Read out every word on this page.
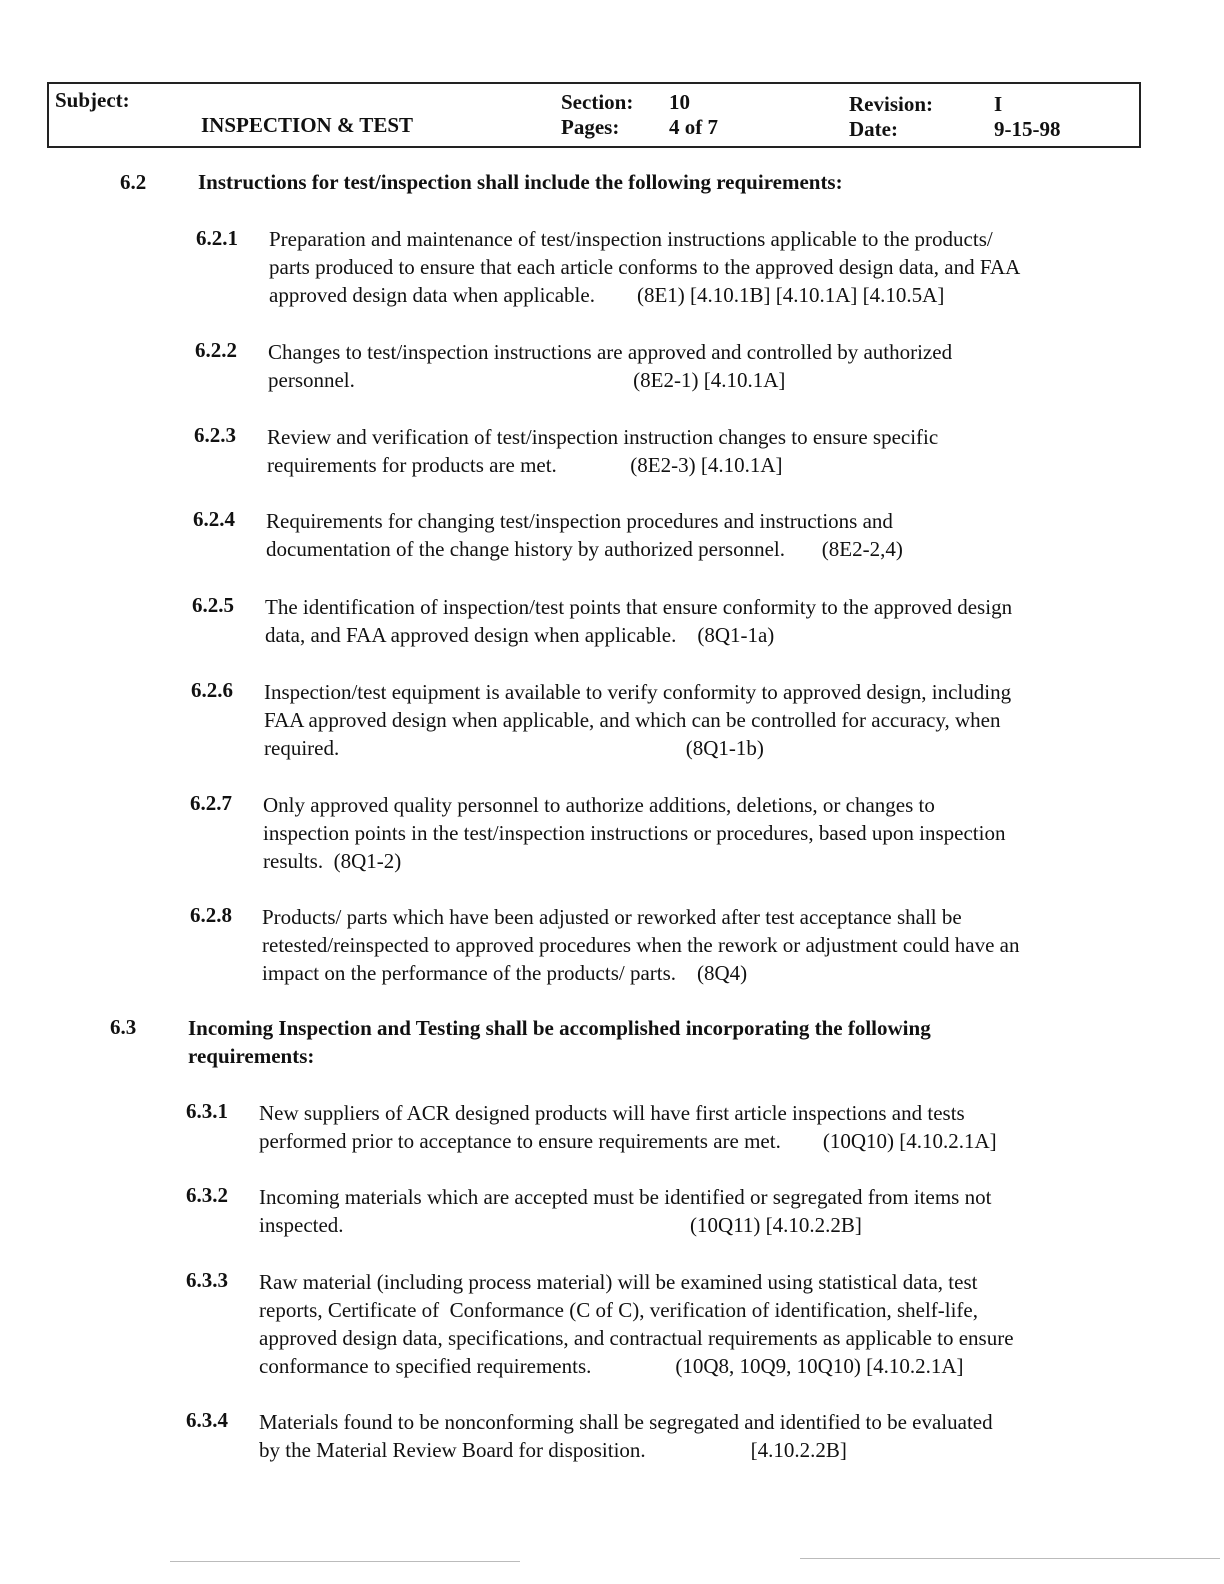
Subject:
INSPECTION & TEST
Section: 10
Pages: 4 of 7
Revision:	I
Date:	9-15-98
6.2 Instructions for test/inspection shall include the following requirements:
6.2.1 Preparation and maintenance of test/inspection instructions applicable to the products/
parts produced to ensure that each article conforms to the approved design data, and FAA
approved design data when applicable.        (8E1) [4.10.1B] [4.10.1A] [4.10.5A]
6.2.2 Changes to test/inspection instructions are approved and controlled by authorized
personnel.                                                     (8E2-1) [4.10.1A]
6.2.3 Review and verification of test/inspection instruction changes to ensure specific
requirements for products are met.              (8E2-3) [4.10.1A]
6.2.4 Requirements for changing test/inspection procedures and instructions and
documentation of the change history by authorized personnel.       (8E2-2,4)
6.2.5 The identification of inspection/test points that ensure conformity to the approved design
data, and FAA approved design when applicable.    (8Q1-1a)
6.2.6 Inspection/test equipment is available to verify conformity to approved design, including
FAA approved design when applicable, and which can be controlled for accuracy, when
required.                                                                  (8Q1-1b)
6.2.7 Only approved quality personnel to authorize additions, deletions, or changes to
inspection points in the test/inspection instructions or procedures, based upon inspection
results.  (8Q1-2)
6.2.8 Products/ parts which have been adjusted or reworked after test acceptance shall be
retested/reinspected to approved procedures when the rework or adjustment could have an
impact on the performance of the products/ parts.    (8Q4)
6.3 Incoming Inspection and Testing shall be accomplished incorporating the following
requirements:
6.3.1 New suppliers of ACR designed products will have first article inspections and tests
performed prior to acceptance to ensure requirements are met.        (10Q10) [4.10.2.1A]
6.3.2 Incoming materials which are accepted must be identified or segregated from items not
inspected.                                                                  (10Q11) [4.10.2.2B]
6.3.3 Raw material (including process material) will be examined using statistical data, test
reports, Certificate of  Conformance (C of C), verification of identification, shelf-life,
approved design data, specifications, and contractual requirements as applicable to ensure
conformance to specified requirements.                (10Q8, 10Q9, 10Q10) [4.10.2.1A]
6.3.4 Materials found to be nonconforming shall be segregated and identified to be evaluated
by the Material Review Board for disposition.                    [4.10.2.2B]
